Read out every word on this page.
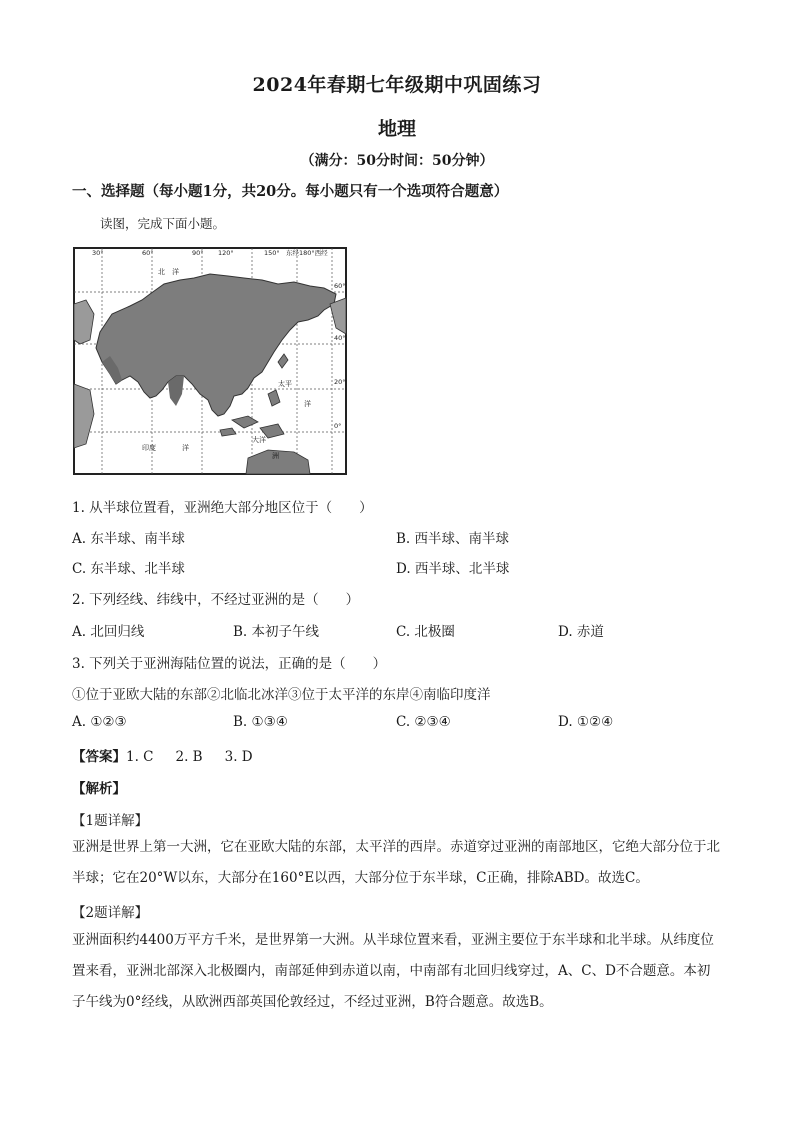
2024年春期七年级期中巩固练习
地理
（满分：50分时间：50分钟）
一、选择题（每小题1分，共20分。每小题只有一个选项符合题意）
读图，完成下面小题。
30°	60°	90° 120°	150° 东经180°西经
60°
40°
20°
0°
北 洋
太平
洋
印度	洋
大洋
洲
1. 从半球位置看，亚洲绝大部分地区位于（　　）
A. 东半球、南半球	B. 西半球、南半球
C. 东半球、北半球	D. 西半球、北半球
2. 下列经线、纬线中，不经过亚洲的是（　　）
A. 北回归线	B. 本初子午线	C. 北极圈	D. 赤道
3. 下列关于亚洲海陆位置的说法，正确的是（　　）
①位于亚欧大陆的东部②北临北冰洋③位于太平洋的东岸④南临印度洋
A. ①②③	B. ①③④	C. ②③④	D. ①②④
【答案】1. C 2. B 3. D
【解析】
【1题详解】
亚洲是世界上第一大洲，它在亚欧大陆的东部，太平洋的西岸。赤道穿过亚洲的南部地区，它绝大部分位于北半球；它在20°W以东，大部分在160°E以西，大部分位于东半球，C正确，排除ABD。故选C。
【2题详解】
亚洲面积约4400万平方千米，是世界第一大洲。从半球位置来看，亚洲主要位于东半球和北半球。从纬度位置来看，亚洲北部深入北极圈内，南部延伸到赤道以南，中南部有北回归线穿过，A、C、D不合题意。本初子午线为0°经线，从欧洲西部英国伦敦经过，不经过亚洲，B符合题意。故选B。
